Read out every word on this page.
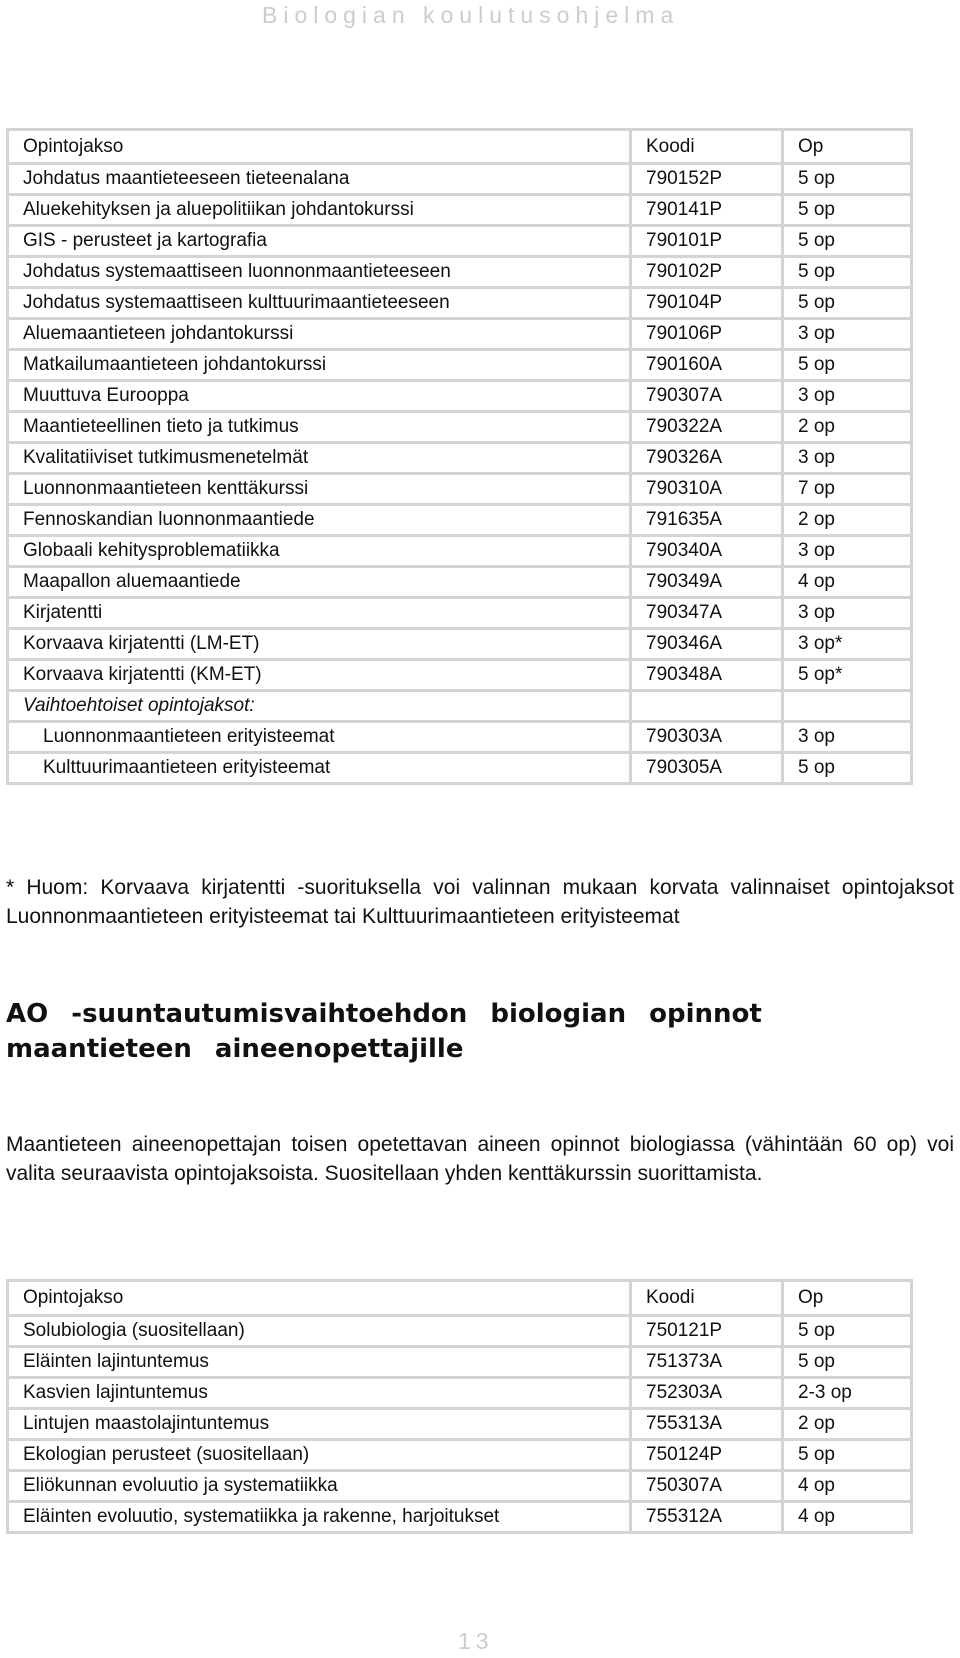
Biologian koulutusohjelma
Opintojakso	Koodi	Op
Johdatus maantieteeseen tieteenalana	790152P	5 op
Aluekehityksen ja aluepolitiikan johdantokurssi	790141P	5 op
GIS - perusteet ja kartografia	790101P	5 op
Johdatus systemaattiseen luonnonmaantieteeseen	790102P	5 op
Johdatus systemaattiseen kulttuurimaantieteeseen	790104P	5 op
Aluemaantieteen johdantokurssi	790106P	3 op
Matkailumaantieteen johdantokurssi	790160A	5 op
Muuttuva Eurooppa	790307A	3 op
Maantieteellinen tieto ja tutkimus	790322A	2 op
Kvalitatiiviset tutkimusmenetelmät	790326A	3 op
Luonnonmaantieteen kenttäkurssi	790310A	7 op
Fennoskandian luonnonmaantiede	791635A	2 op
Globaali kehitysproblematiikka	790340A	3 op
Maapallon aluemaantiede	790349A	4 op
Kirjatentti	790347A	3 op
Korvaava kirjatentti (LM-ET)	790346A	3 op*
Korvaava kirjatentti (KM-ET)	790348A	5 op*
Vaihtoehtoiset opintojaksot:		
Luonnonmaantieteen erityisteemat	790303A	3 op
Kulttuurimaantieteen erityisteemat	790305A	5 op
* Huom: Korvaava kirjatentti -suorituksella voi valinnan mukaan korvata valinnaiset opintojaksot Luonnonmaantieteen erityisteemat tai Kulttuurimaantieteen erityisteemat
AO -suuntautumisvaihtoehdon biologian opinnot maantieteen aineenopettajille
Maantieteen aineenopettajan toisen opetettavan aineen opinnot biologiassa (vähintään 60 op) voi valita seuraavista opintojaksoista. Suositellaan yhden kenttäkurssin suorittamista.
Opintojakso	Koodi	Op
Solubiologia (suositellaan)	750121P	5 op
Eläinten lajintuntemus	751373A	5 op
Kasvien lajintuntemus	752303A	2-3 op
Lintujen maastolajintuntemus	755313A	2 op
Ekologian perusteet (suositellaan)	750124P	5 op
Eliökunnan evoluutio ja systematiikka	750307A	4 op
Eläinten evoluutio, systematiikka ja rakenne, harjoitukset	755312A	4 op
13
